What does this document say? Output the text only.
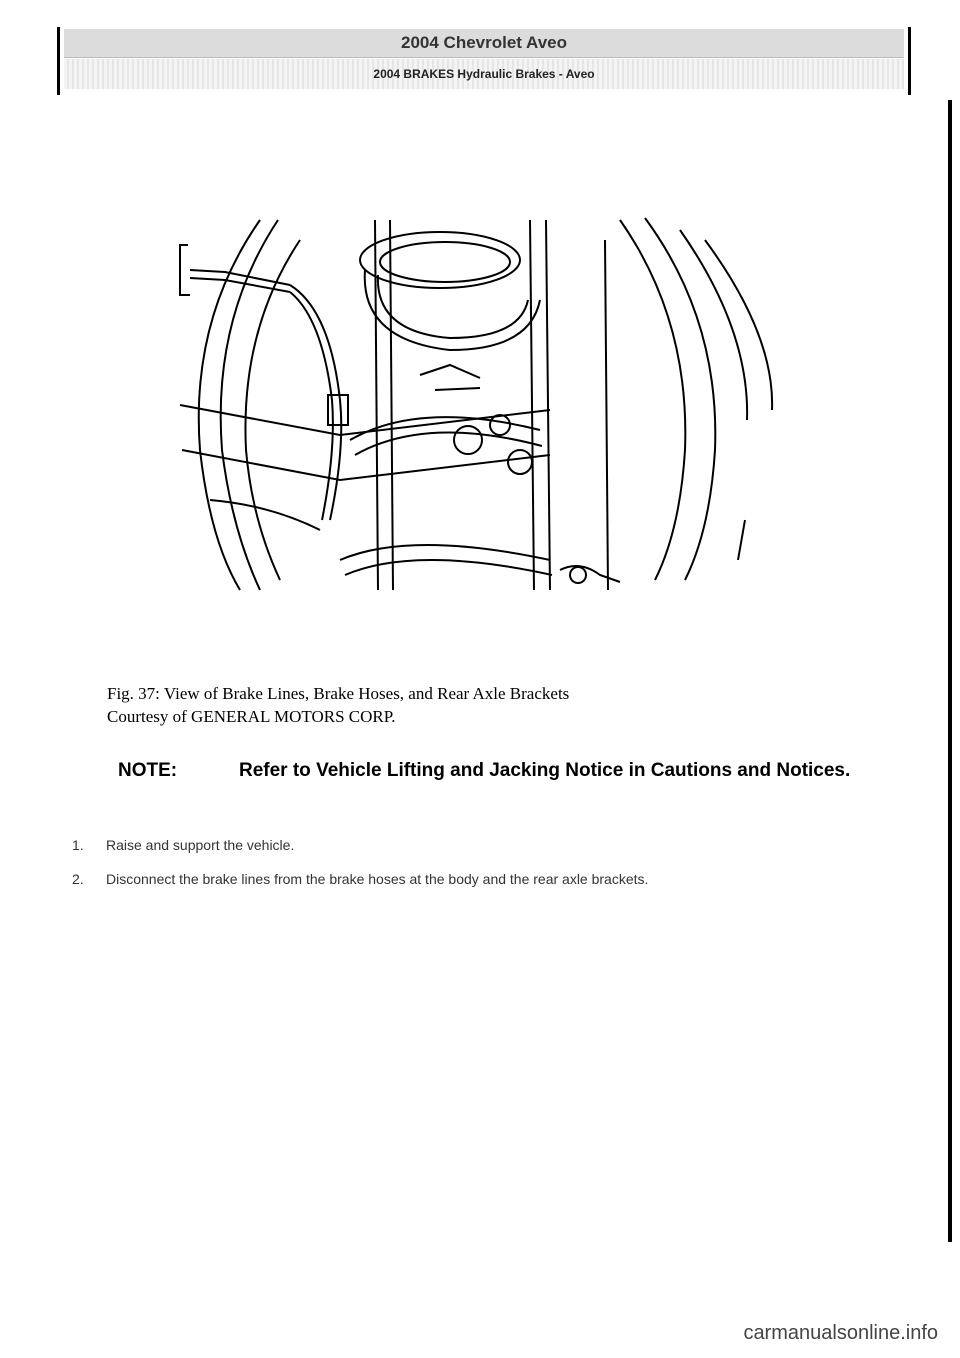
2004 Chevrolet Aveo
2004 BRAKES Hydraulic Brakes - Aveo
Fig. 37: View of Brake Lines, Brake Hoses, and Rear Axle Brackets
Courtesy of GENERAL MOTORS CORP.
NOTE:	Refer to Vehicle Lifting and Jacking Notice in Cautions and Notices.
1. Raise and support the vehicle.
2. Disconnect the brake lines from the brake hoses at the body and the rear axle brackets.
carmanualsonline.info
